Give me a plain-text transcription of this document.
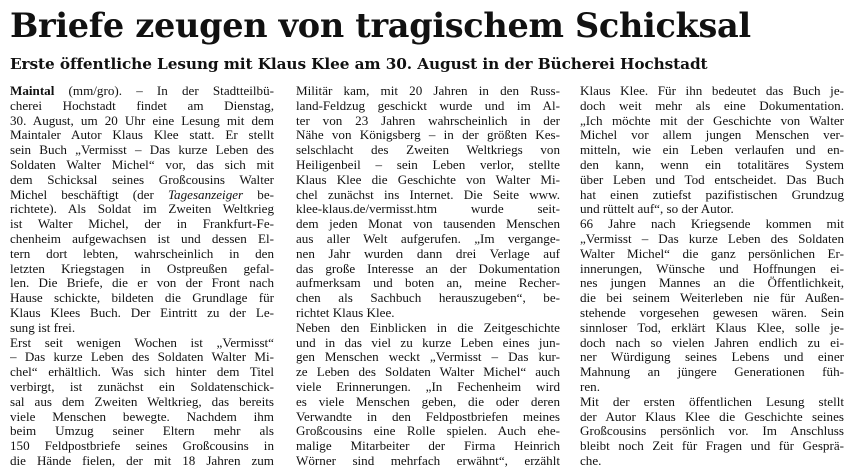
Briefe zeugen von tragischem Schicksal
Erste öffentliche Lesung mit Klaus Klee am 30. August in der Bücherei Hochstadt
Maintal (mm/gro). – In der Stadtteilbü-
cherei Hochstadt findet am Dienstag,
30. August, um 20 Uhr eine Lesung mit dem
Maintaler Autor Klaus Klee statt. Er stellt
sein Buch „Vermisst – Das kurze Leben des
Soldaten Walter Michel“ vor, das sich mit
dem Schicksal seines Großcousins Walter
Michel beschäftigt (der Tagesanzeiger be-
richtete). Als Soldat im Zweiten Weltkrieg
ist Walter Michel, der in Frankfurt-Fe-
chenheim aufgewachsen ist und dessen El-
tern dort lebten, wahrscheinlich in den
letzten Kriegstagen in Ostpreußen gefal-
len. Die Briefe, die er von der Front nach
Hause schickte, bildeten die Grundlage für
Klaus Klees Buch. Der Eintritt zu der Le-
sung ist frei.
Erst seit wenigen Wochen ist „Vermisst“
– Das kurze Leben des Soldaten Walter Mi-
chel“ erhältlich. Was sich hinter dem Titel
verbirgt, ist zunächst ein Soldatenschick-
sal aus dem Zweiten Weltkrieg, das bereits
viele Menschen bewegte. Nachdem ihm
beim Umzug seiner Eltern mehr als
150 Feldpostbriefe seines Großcousins in
die Hände fielen, der mit 18 Jahren zum
Militär kam, mit 20 Jahren in den Russ-
land-Feldzug geschickt wurde und im Al-
ter von 23 Jahren wahrscheinlich in der
Nähe von Königsberg – in der größten Kes-
selschlacht des Zweiten Weltkriegs von
Heiligenbeil – sein Leben verlor, stellte
Klaus Klee die Geschichte von Walter Mi-
chel zunächst ins Internet. Die Seite www.
klee-klaus.de/vermisst.htm wurde seit-
dem jeden Monat von tausenden Menschen
aus aller Welt aufgerufen. „Im vergange-
nen Jahr wurden dann drei Verlage auf
das große Interesse an der Dokumentation
aufmerksam und boten an, meine Recher-
chen als Sachbuch herauszugeben“, be-
richtet Klaus Klee.
Neben den Einblicken in die Zeitgeschichte
und in das viel zu kurze Leben eines jun-
gen Menschen weckt „Vermisst – Das kur-
ze Leben des Soldaten Walter Michel“ auch
viele Erinnerungen. „In Fechenheim wird
es viele Menschen geben, die oder deren
Verwandte in den Feldpostbriefen meines
Großcousins eine Rolle spielen. Auch ehe-
malige Mitarbeiter der Firma Heinrich
Wörner sind mehrfach erwähnt“, erzählt
Klaus Klee. Für ihn bedeutet das Buch je-
doch weit mehr als eine Dokumentation.
„Ich möchte mit der Geschichte von Walter
Michel vor allem jungen Menschen ver-
mitteln, wie ein Leben verlaufen und en-
den kann, wenn ein totalitäres System
über Leben und Tod entscheidet. Das Buch
hat einen zutiefst pazifistischen Grundzug
und rüttelt auf“, so der Autor.
66 Jahre nach Kriegsende kommen mit
„Vermisst – Das kurze Leben des Soldaten
Walter Michel“ die ganz persönlichen Er-
innerungen, Wünsche und Hoffnungen ei-
nes jungen Mannes an die Öffentlichkeit,
die bei seinem Weiterleben nie für Außen-
stehende vorgesehen gewesen wären. Sein
sinnloser Tod, erklärt Klaus Klee, solle je-
doch nach so vielen Jahren endlich zu ei-
ner Würdigung seines Lebens und einer
Mahnung an jüngere Generationen füh-
ren.
Mit der ersten öffentlichen Lesung stellt
der Autor Klaus Klee die Geschichte seines
Großcousins persönlich vor. Im Anschluss
bleibt noch Zeit für Fragen und für Gesprä-
che.
